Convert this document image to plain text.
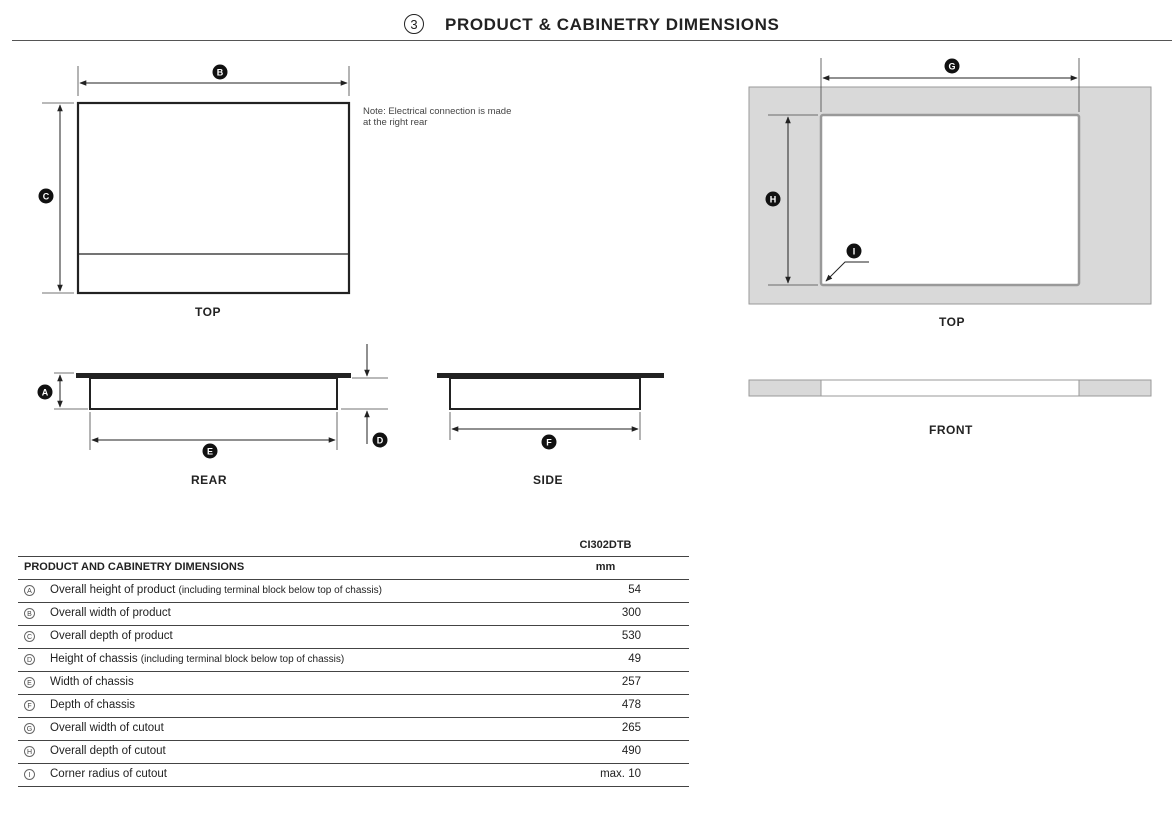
3	PRODUCT & CABINETRY DIMENSIONS
B
C
A
D
E
F
G
H
I
Note: Electrical connection is made at the right rear
TOP
REAR	SIDE
TOP
FRONT
CI302DTB
PRODUCT AND CABINETRY DIMENSIONS	mm
A Overall height of product (including terminal block below top of chassis)	54
B Overall width of product	300
C Overall depth of product	530
D Height of chassis (including terminal block below top of chassis)	49
E Width of chassis	257
F Depth of chassis	478
G Overall width of cutout	265
H Overall depth of cutout	490
I	Corner radius of cutout	max. 10
